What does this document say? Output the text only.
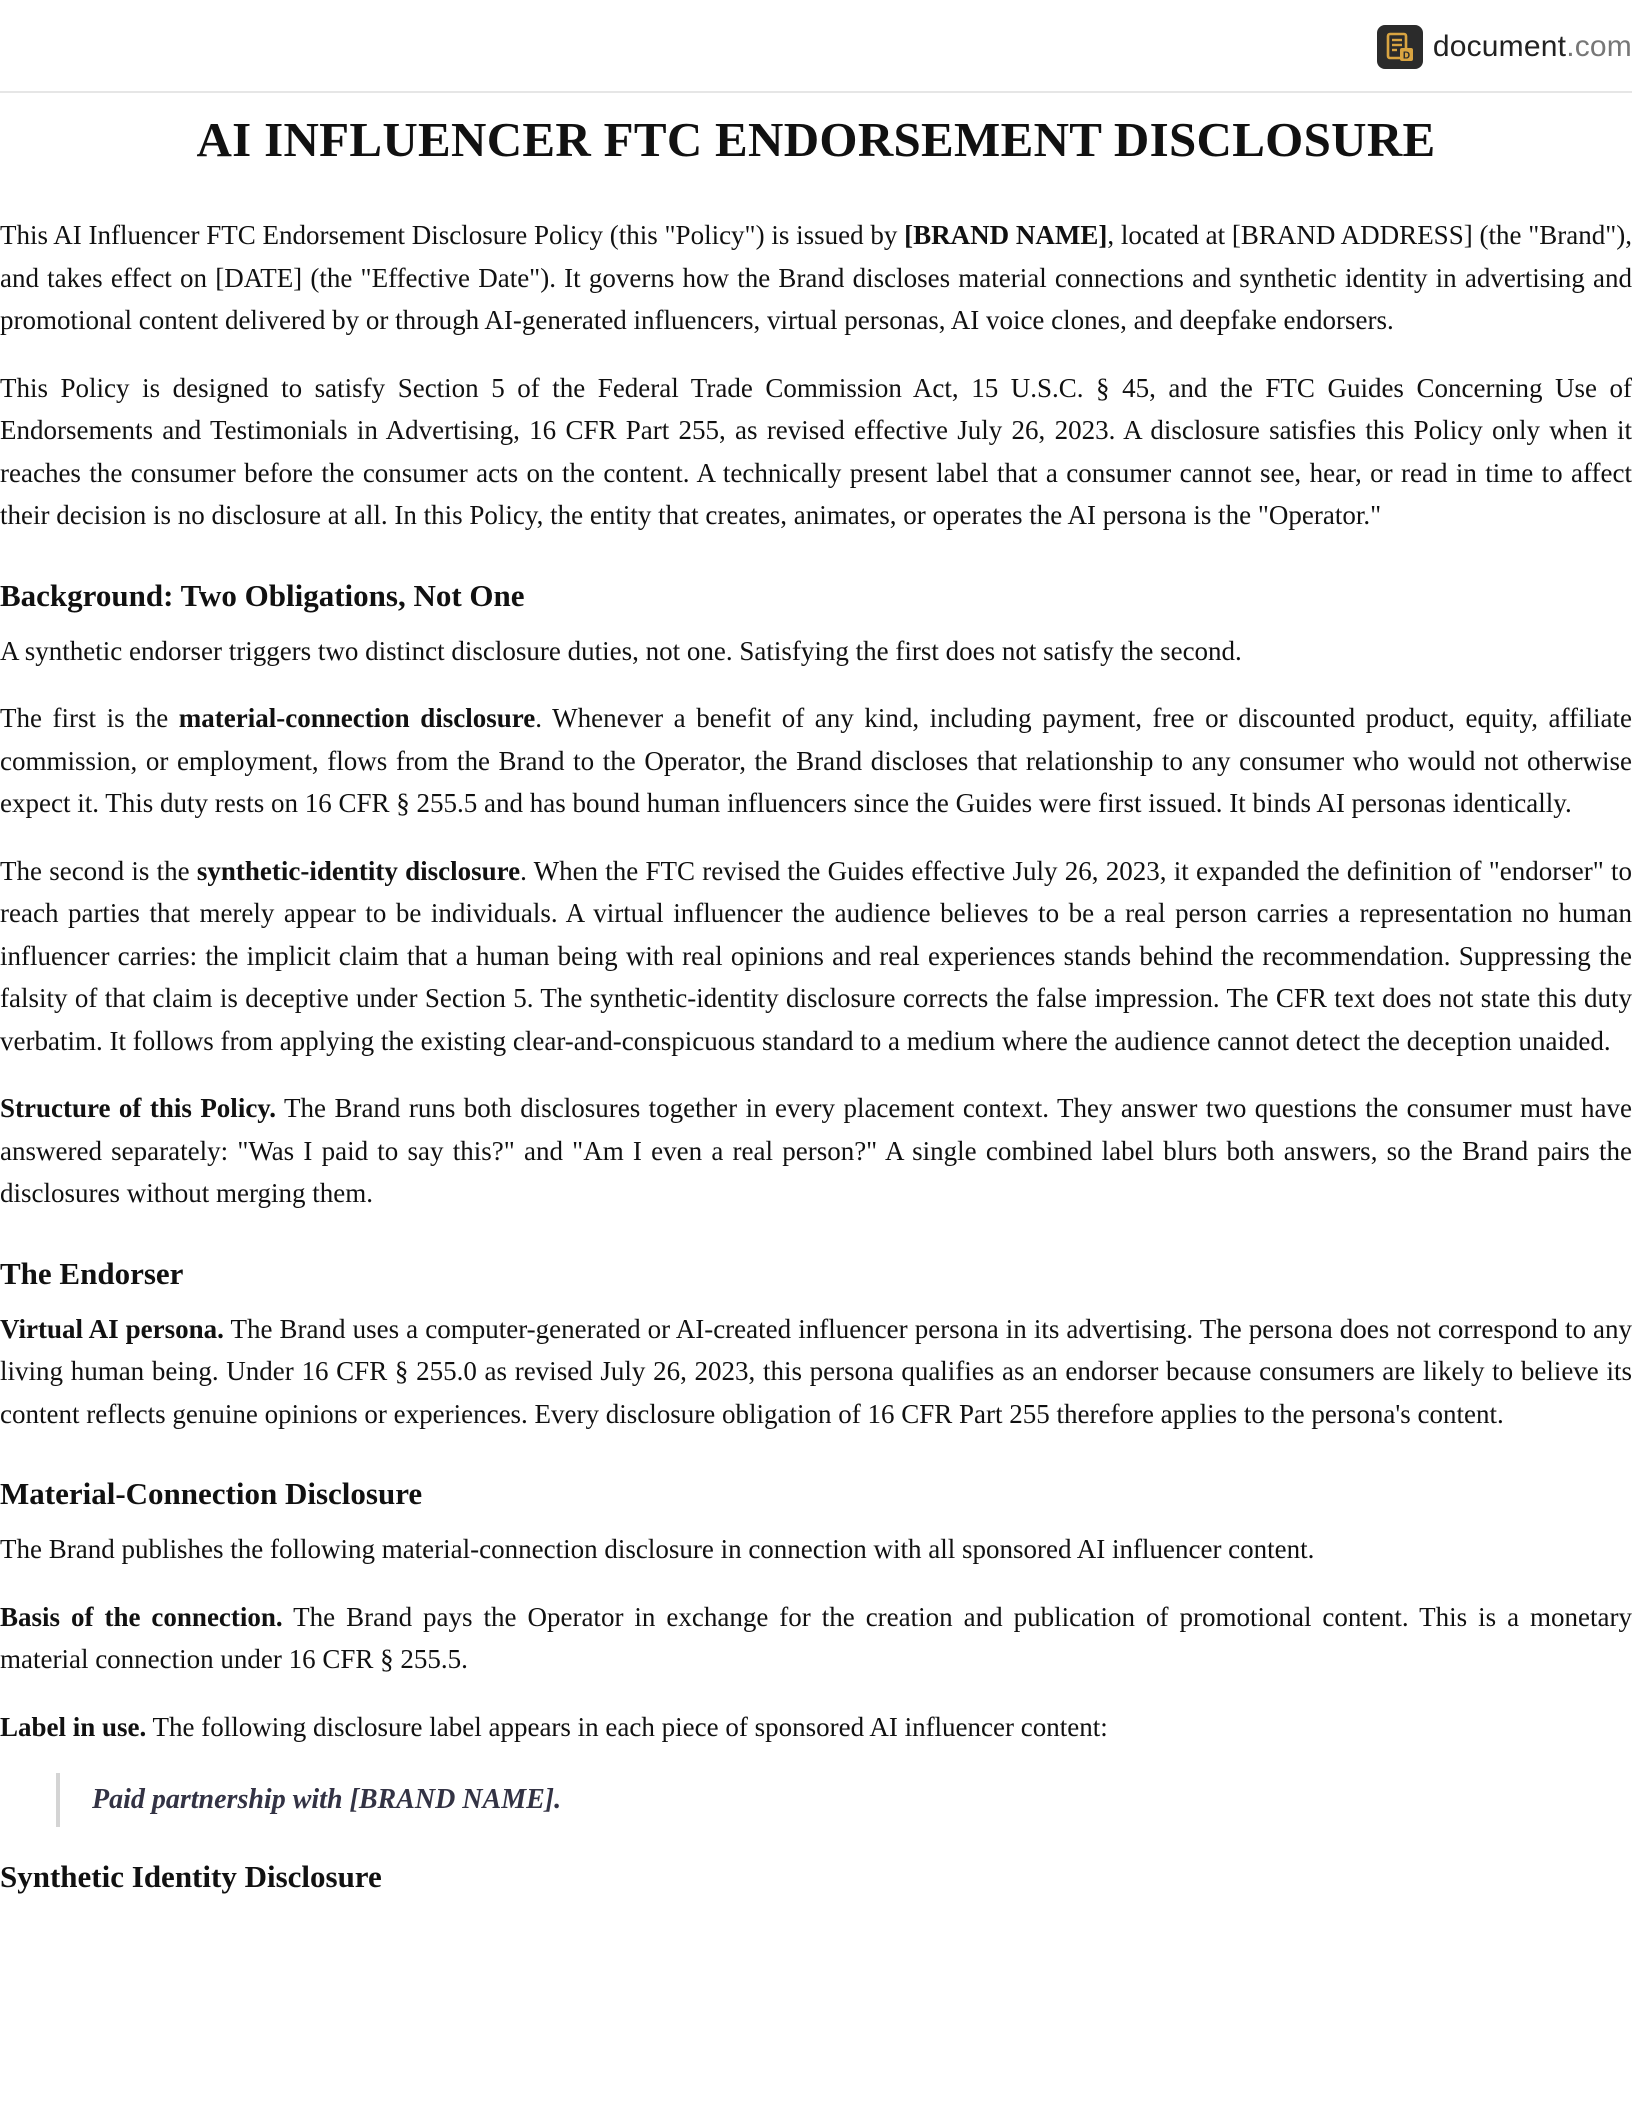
D document.com
AI INFLUENCER FTC ENDORSEMENT DISCLOSURE

This AI Influencer FTC Endorsement Disclosure Policy (this "Policy") is issued by [BRAND NAME], located at [BRAND ADDRESS] (the "Brand"), and takes effect on [DATE] (the "Effective Date"). It governs how the Brand discloses material connections and synthetic identity in advertising and promotional content delivered by or through AI-generated influencers, virtual personas, AI voice clones, and deepfake endorsers.

This Policy is designed to satisfy Section 5 of the Federal Trade Commission Act, 15 U.S.C. § 45, and the FTC Guides Concerning Use of Endorsements and Testimonials in Advertising, 16 CFR Part 255, as revised effective July 26, 2023. A disclosure satisfies this Policy only when it reaches the consumer before the consumer acts on the content. A technically present label that a consumer cannot see, hear, or read in time to affect their decision is no disclosure at all. In this Policy, the entity that creates, animates, or operates the AI persona is the "Operator."

Background: Two Obligations, Not One

A synthetic endorser triggers two distinct disclosure duties, not one. Satisfying the first does not satisfy the second.

The first is the material-connection disclosure. Whenever a benefit of any kind, including payment, free or discounted product, equity, affiliate commission, or employment, flows from the Brand to the Operator, the Brand discloses that relationship to any consumer who would not otherwise expect it. This duty rests on 16 CFR § 255.5 and has bound human influencers since the Guides were first issued. It binds AI personas identically.

The second is the synthetic-identity disclosure. When the FTC revised the Guides effective July 26, 2023, it expanded the definition of "endorser" to reach parties that merely appear to be individuals. A virtual influencer the audience believes to be a real person carries a representation no human influencer carries: the implicit claim that a human being with real opinions and real experiences stands behind the recommendation. Suppressing the falsity of that claim is deceptive under Section 5. The synthetic-identity disclosure corrects the false impression. The CFR text does not state this duty verbatim. It follows from applying the existing clear-and-conspicuous standard to a medium where the audience cannot detect the deception unaided.

Structure of this Policy. The Brand runs both disclosures together in every placement context. They answer two questions the consumer must have answered separately: "Was I paid to say this?" and "Am I even a real person?" A single combined label blurs both answers, so the Brand pairs the disclosures without merging them.

The Endorser

Virtual AI persona. The Brand uses a computer-generated or AI-created influencer persona in its advertising. The persona does not correspond to any living human being. Under 16 CFR § 255.0 as revised July 26, 2023, this persona qualifies as an endorser because consumers are likely to believe its content reflects genuine opinions or experiences. Every disclosure obligation of 16 CFR Part 255 therefore applies to the persona's content.

Material-Connection Disclosure

The Brand publishes the following material-connection disclosure in connection with all sponsored AI influencer content.

Basis of the connection. The Brand pays the Operator in exchange for the creation and publication of promotional content. This is a monetary material connection under 16 CFR § 255.5.

Label in use. The following disclosure label appears in each piece of sponsored AI influencer content:

Paid partnership with [BRAND NAME].
Synthetic Identity Disclosure
